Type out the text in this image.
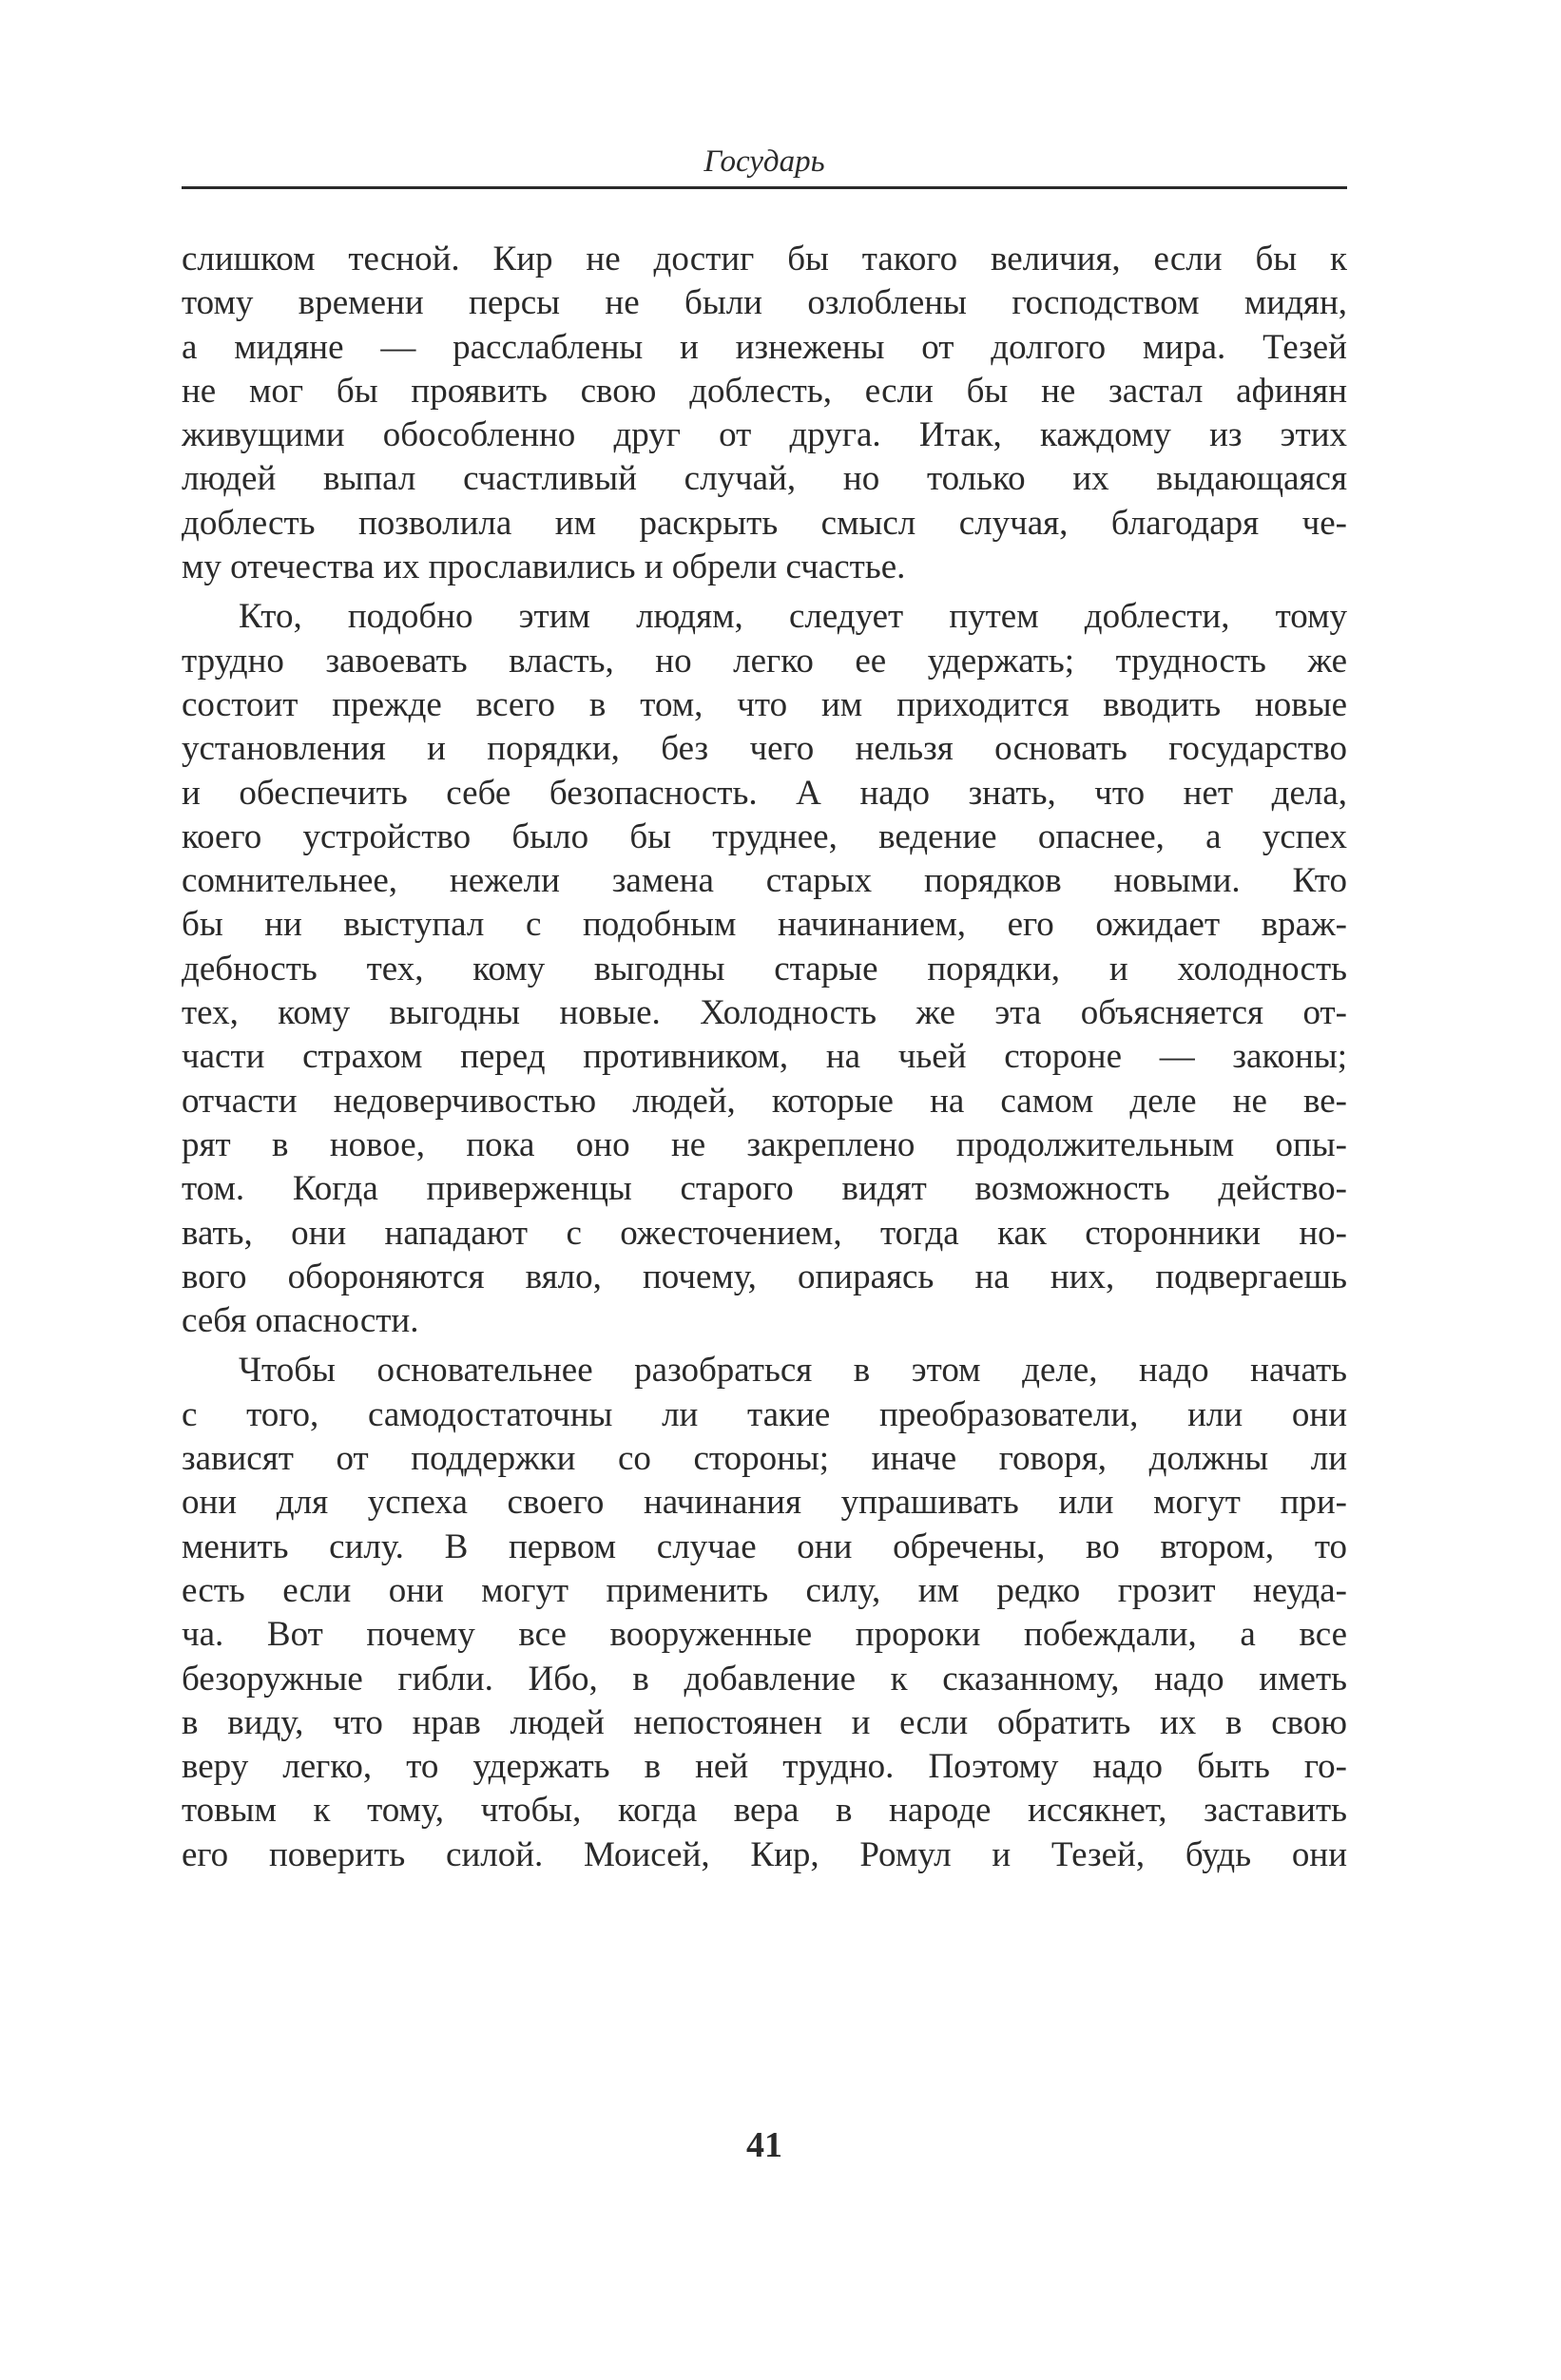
Государь
слишком тесной. Кир не достиг бы такого величия, если бы к
тому времени персы не были озлоблены господством мидян,
а мидяне — расслаблены и изнежены от долгого мира. Тезей
не мог бы проявить свою доблесть, если бы не застал афинян
живущими обособленно друг от друга. Итак, каждому из этих
людей выпал счастливый случай, но только их выдающаяся
доблесть позволила им раскрыть смысл случая, благодаря че-
му отечества их прославились и обрели счастье.
Кто, подобно этим людям, следует путем доблести, тому
трудно завоевать власть, но легко ее удержать; трудность же
состоит прежде всего в том, что им приходится вводить новые
установления и порядки, без чего нельзя основать государство
и обеспечить себе безопасность. А надо знать, что нет дела,
коего устройство было бы труднее, ведение опаснее, а успех
сомнительнее, нежели замена старых порядков новыми. Кто
бы ни выступал с подобным начинанием, его ожидает враж-
дебность тех, кому выгодны старые порядки, и холодность
тех, кому выгодны новые. Холодность же эта объясняется от-
части страхом перед противником, на чьей стороне — законы;
отчасти недоверчивостью людей, которые на самом деле не ве-
рят в новое, пока оно не закреплено продолжительным опы-
том. Когда приверженцы старого видят возможность действо-
вать, они нападают с ожесточением, тогда как сторонники но-
вого обороняются вяло, почему, опираясь на них, подвергаешь
себя опасности.
Чтобы основательнее разобраться в этом деле, надо начать
с того, самодостаточны ли такие преобразователи, или они
зависят от поддержки со стороны; иначе говоря, должны ли
они для успеха своего начинания упрашивать или могут при-
менить силу. В первом случае они обречены, во втором, то
есть если они могут применить силу, им редко грозит неуда-
ча. Вот почему все вооруженные пророки побеждали, а все
безоружные гибли. Ибо, в добавление к сказанному, надо иметь
в виду, что нрав людей непостоянен и если обратить их в свою
веру легко, то удержать в ней трудно. Поэтому надо быть го-
товым к тому, чтобы, когда вера в народе иссякнет, заставить
его поверить силой. Моисей, Кир, Ромул и Тезей, будь они
41
